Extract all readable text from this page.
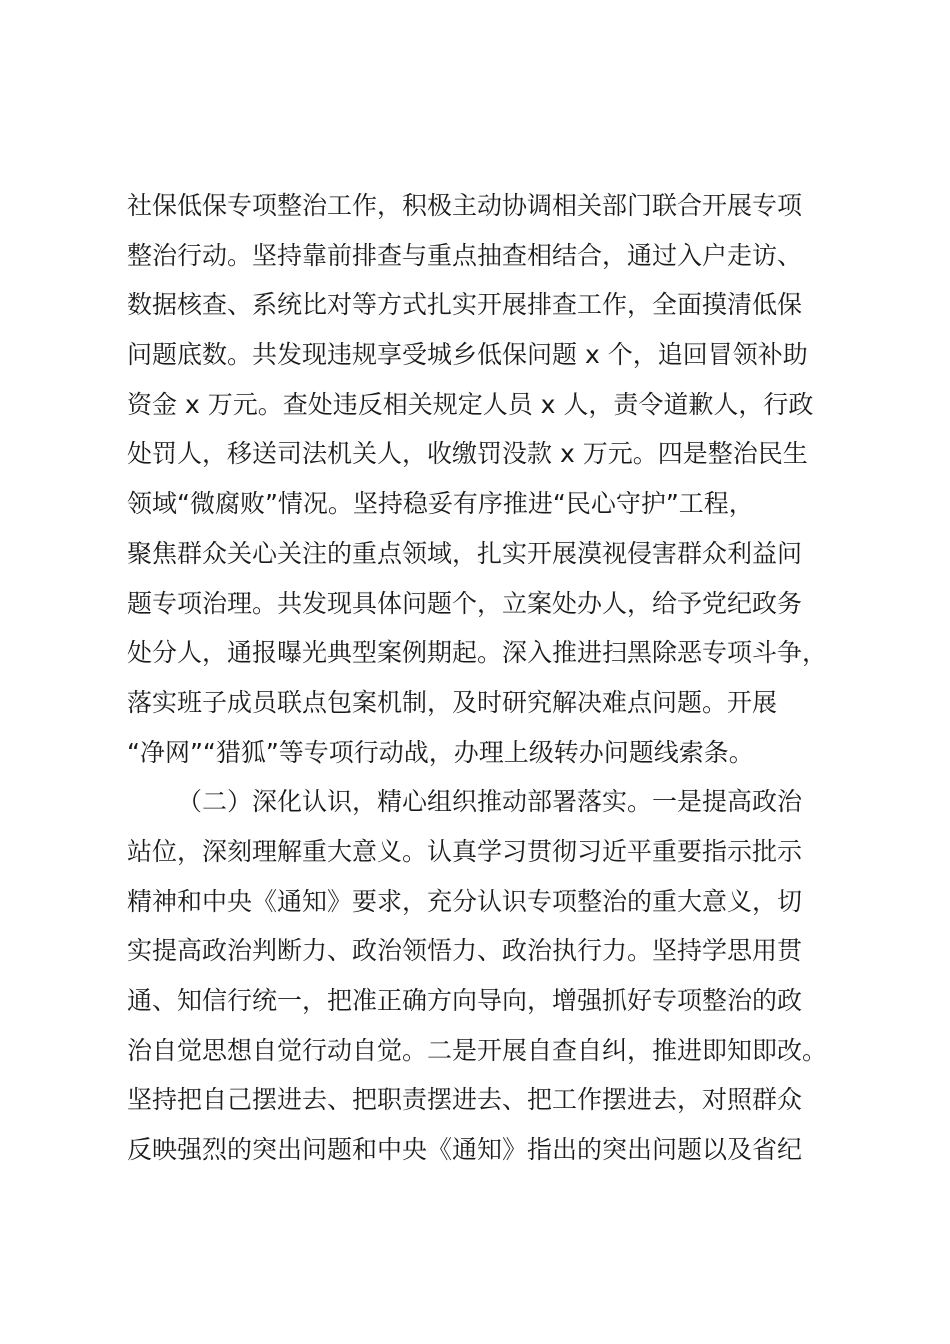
社保低保专项整治工作，积极主动协调相关部门联合开展专项

整治行动。坚持靠前排查与重点抽查相结合，通过入户走访、

数据核查、系统比对等方式扎实开展排查工作，全面摸清低保

问题底数。共发现违规享受城乡低保问题 x 个，追回冒领补助

资金 x 万元。查处违反相关规定人员 x 人，责令道歉人，行政

处罚人，移送司法机关人，收缴罚没款 x 万元。四是整治民生

领域“微腐败”情况。坚持稳妥有序推进“民心守护”工程，

聚焦群众关心关注的重点领域，扎实开展漠视侵害群众利益问

题专项治理。共发现具体问题个，立案处办人，给予党纪政务

处分人，通报曝光典型案例期起。深入推进扫黑除恶专项斗争，

落实班子成员联点包案机制，及时研究解决难点问题。开展

“净网”“猎狐”等专项行动战，办理上级转办问题线索条。

（二）深化认识，精心组织推动部署落实。一是提高政治

站位，深刻理解重大意义。认真学习贯彻习近平重要指示批示

精神和中央《通知》要求，充分认识专项整治的重大意义，切

实提高政治判断力、政治领悟力、政治执行力。坚持学思用贯

通、知信行统一，把准正确方向导向，增强抓好专项整治的政

治自觉思想自觉行动自觉。二是开展自查自纠，推进即知即改。

坚持把自己摆进去、把职责摆进去、把工作摆进去，对照群众

反映强烈的突出问题和中央《通知》指出的突出问题以及省纪
